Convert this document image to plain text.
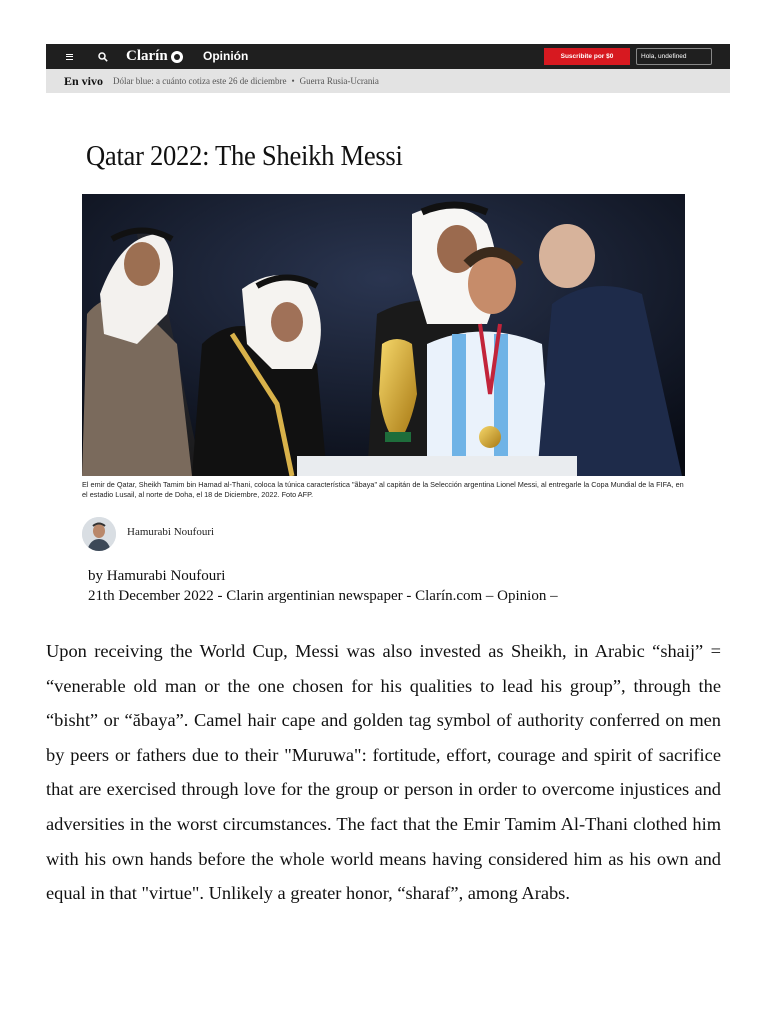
Clarín	Opinión	Suscribite por $0	Hola, undefined
En vivo Dólar blue: a cuánto cotiza este 26 de diciembre • Guerra Rusia-Ucrania
Qatar 2022: The Sheikh Messi
El emir de Qatar, Sheikh Tamim bin Hamad al-Thani, coloca la túnica característica "ãbaya" al capitán de la Selección argentina Lionel Messi, al entregarle la Copa Mundial de la FIFA, en el estadio Lusail, al norte de Doha, el 18 de Diciembre, 2022. Foto AFP.
Hamurabi Noufouri
by Hamurabi Noufouri
21th December 2022 - Clarin argentinian newspaper - Clarín.com – Opinion –

Upon receiving the World Cup, Messi was also invested as Sheikh, in Arabic “shaij” = “venerable old man or the one chosen for his qualities to lead his group”, through the “bisht” or “ăbaya”. Camel hair cape and golden tag symbol of authority conferred on men by peers or fathers due to their "Muruwa": fortitude, effort, courage and spirit of sacrifice that are exercised through love for the group or person in order to overcome injustices and adversities in the worst circumstances. The fact that the Emir Tamim Al-Thani clothed him with his own hands before the whole world means having considered him as his own and equal in that "virtue". Unlikely a greater honor, “sharaf”, among Arabs.
